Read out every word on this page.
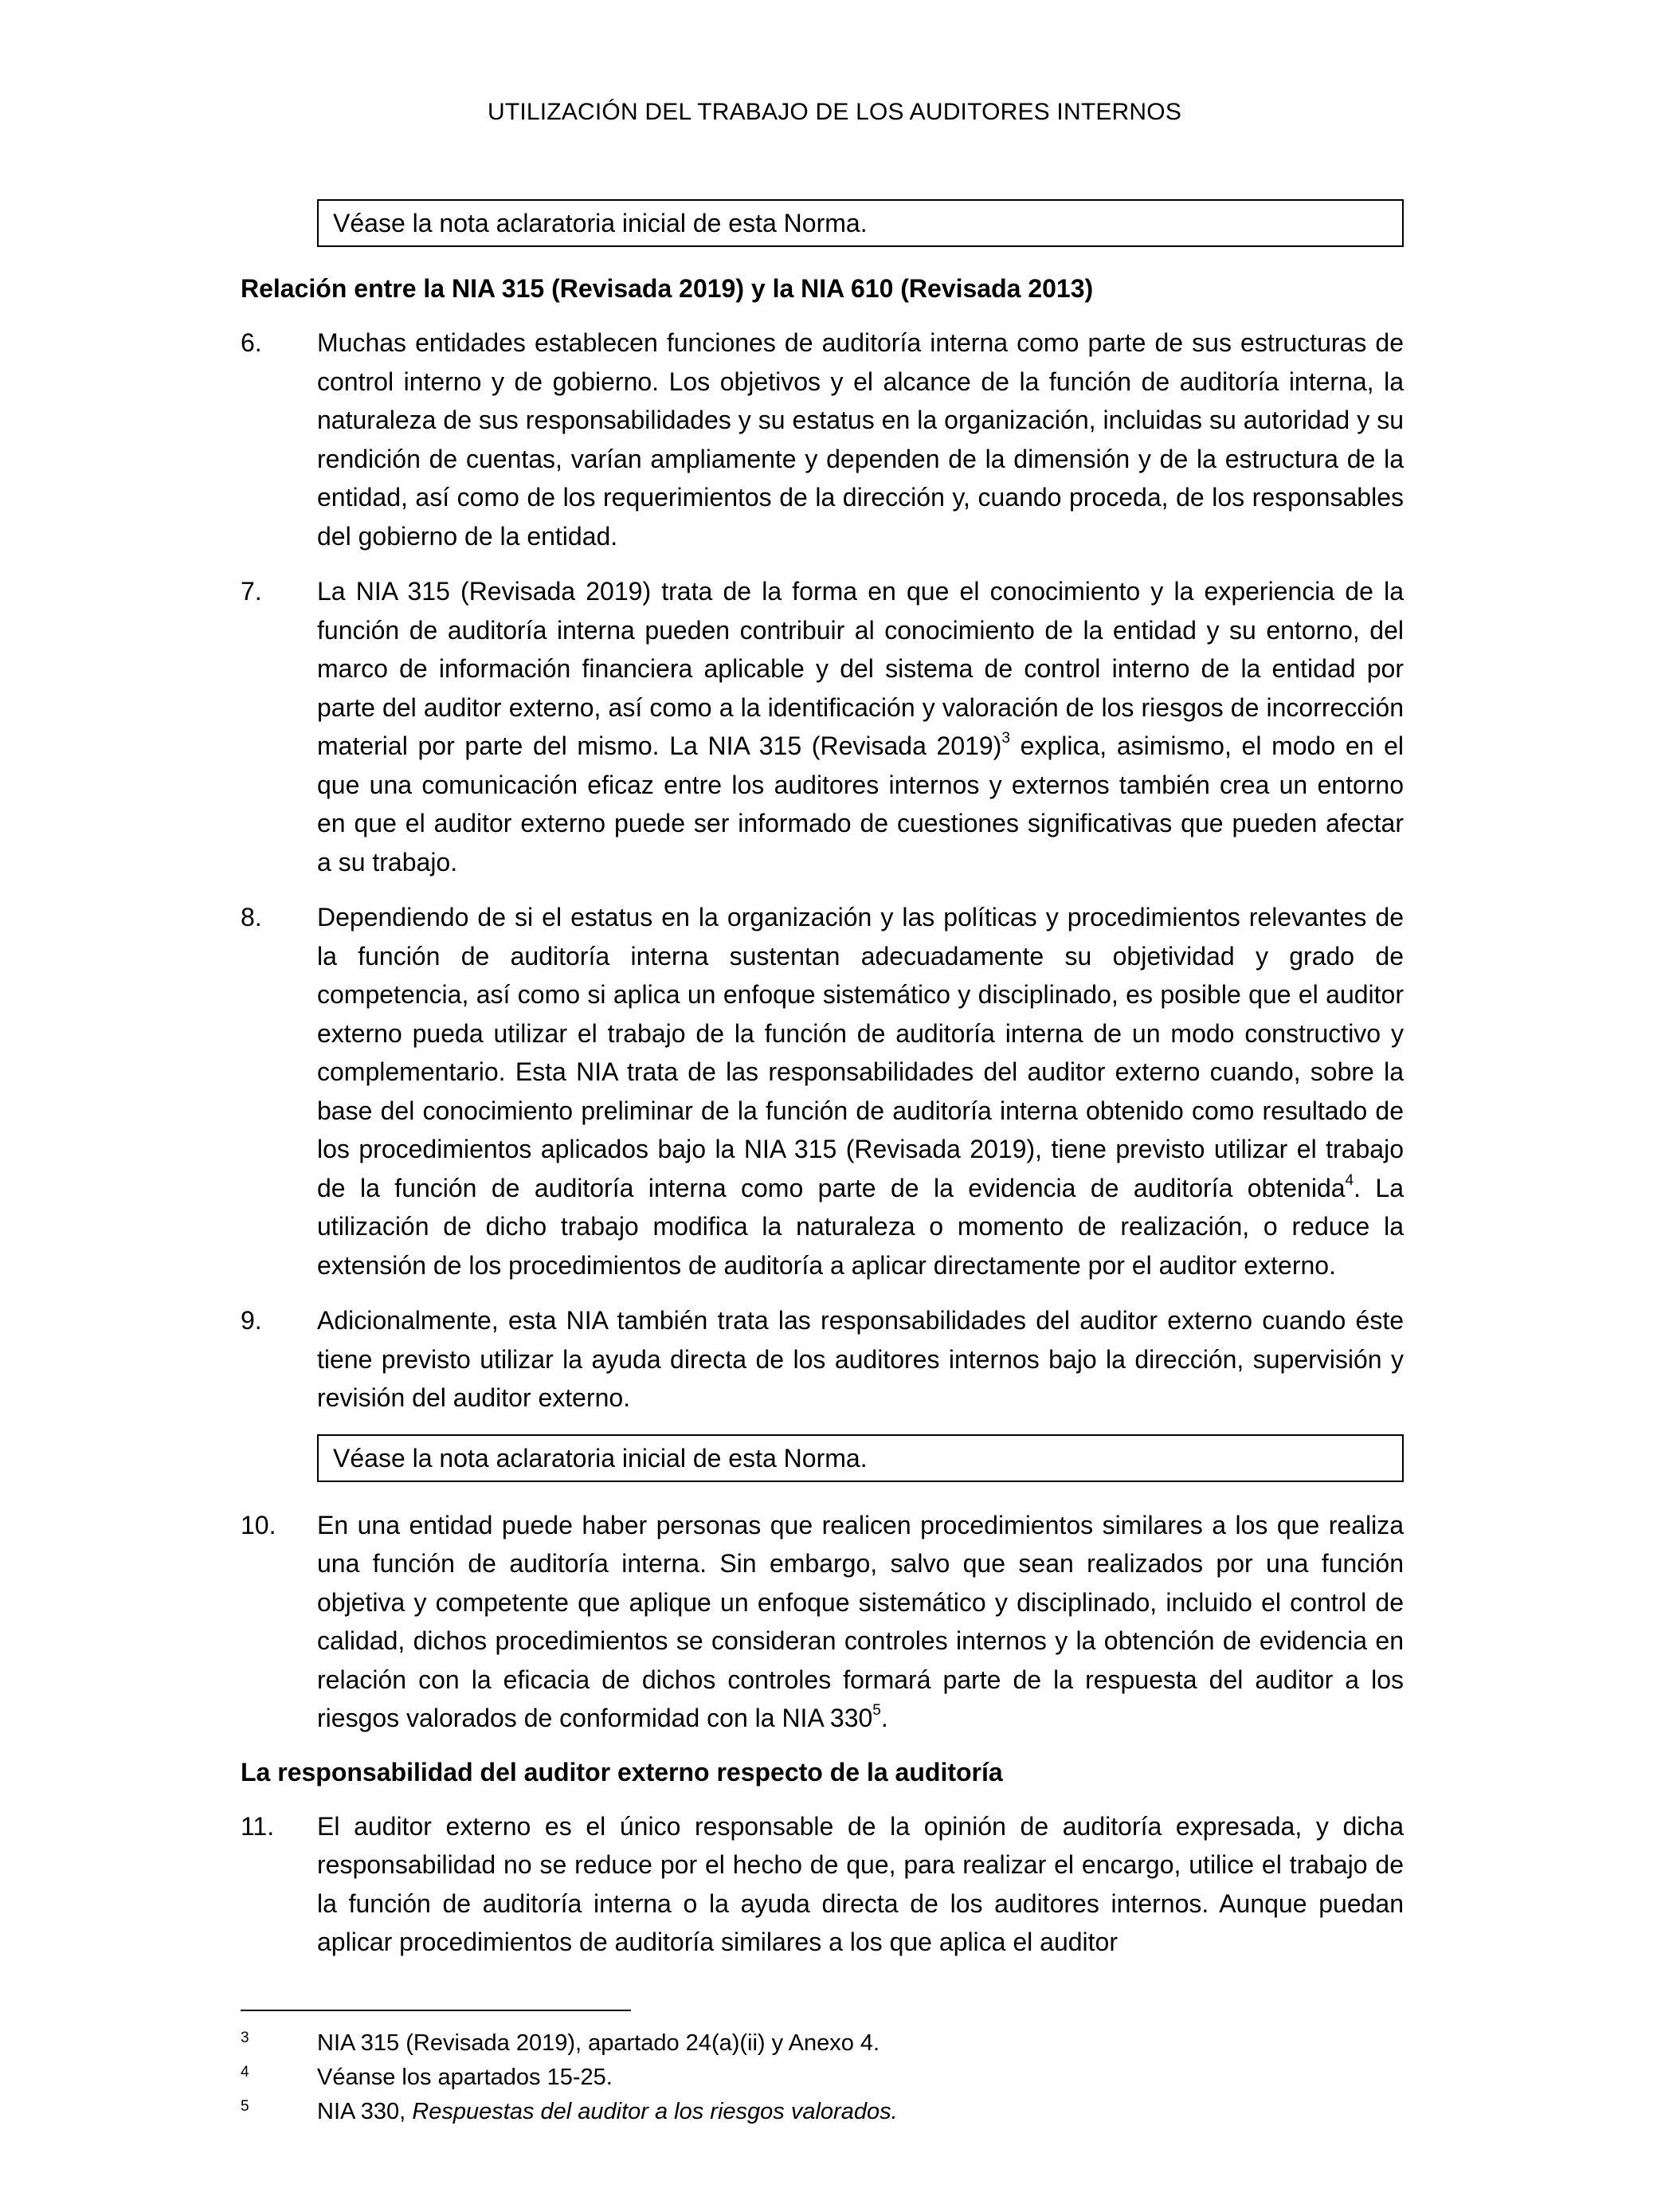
UTILIZACIÓN DEL TRABAJO DE LOS AUDITORES INTERNOS
Véase la nota aclaratoria inicial de esta Norma.
Relación entre la NIA 315 (Revisada 2019) y la NIA 610 (Revisada 2013)
6.	Muchas entidades establecen funciones de auditoría interna como parte de sus estructuras de control interno y de gobierno. Los objetivos y el alcance de la función de auditoría interna, la naturaleza de sus responsabilidades y su estatus en la organización, incluidas su autoridad y su rendición de cuentas, varían ampliamente y dependen de la dimensión y de la estructura de la entidad, así como de los requerimientos de la dirección y, cuando proceda, de los responsables del gobierno de la entidad.
7.	La NIA 315 (Revisada 2019) trata de la forma en que el conocimiento y la experiencia de la función de auditoría interna pueden contribuir al conocimiento de la entidad y su entorno, del marco de información financiera aplicable y del sistema de control interno de la entidad por parte del auditor externo, así como a la identificación y valoración de los riesgos de incorrección material por parte del mismo. La NIA 315 (Revisada 2019)$^3$ explica, asimismo, el modo en el que una comunicación eficaz entre los auditores internos y externos también crea un entorno en que el auditor externo puede ser informado de cuestiones significativas que pueden afectar a su trabajo.
8.	Dependiendo de si el estatus en la organización y las políticas y procedimientos relevantes de la función de auditoría interna sustentan adecuadamente su objetividad y grado de competencia, así como si aplica un enfoque sistemático y disciplinado, es posible que el auditor externo pueda utilizar el trabajo de la función de auditoría interna de un modo constructivo y complementario. Esta NIA trata de las responsabilidades del auditor externo cuando, sobre la base del conocimiento preliminar de la función de auditoría interna obtenido como resultado de los procedimientos aplicados bajo la NIA 315 (Revisada 2019), tiene previsto utilizar el trabajo de la función de auditoría interna como parte de la evidencia de auditoría obtenida$^4$. La utilización de dicho trabajo modifica la naturaleza o momento de realización, o reduce la extensión de los procedimientos de auditoría a aplicar directamente por el auditor externo.
9.	Adicionalmente, esta NIA también trata las responsabilidades del auditor externo cuando éste tiene previsto utilizar la ayuda directa de los auditores internos bajo la dirección, supervisión y revisión del auditor externo.
Véase la nota aclaratoria inicial de esta Norma.
10.	En una entidad puede haber personas que realicen procedimientos similares a los que realiza una función de auditoría interna. Sin embargo, salvo que sean realizados por una función objetiva y competente que aplique un enfoque sistemático y disciplinado, incluido el control de calidad, dichos procedimientos se consideran controles internos y la obtención de evidencia en relación con la eficacia de dichos controles formará parte de la respuesta del auditor a los riesgos valorados de conformidad con la NIA $330^5$.
La responsabilidad del auditor externo respecto de la auditoría
11.	El auditor externo es el único responsable de la opinión de auditoría expresada, y dicha responsabilidad no se reduce por el hecho de que, para realizar el encargo, utilice el trabajo de la función de auditoría interna o la ayuda directa de los auditores internos. Aunque puedan aplicar procedimientos de auditoría similares a los que aplica el auditor
3	NIA 315 (Revisada 2019), apartado 24(a)(ii) y Anexo 4.
4	Véanse los apartados 15-25.
5	NIA 330, Respuestas del auditor a los riesgos valorados.
